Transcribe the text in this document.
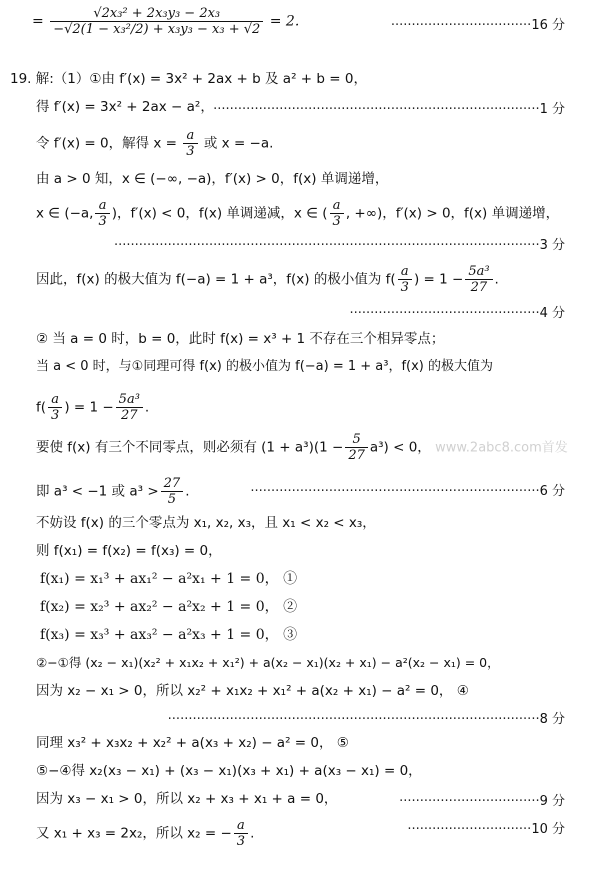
= $\frac{\text{√2x₃² + 2x₃y₃ − 2x₃}}{\text{−√2(1 − x₃²/2) + x₃y₃ − x₃ + √2}} = 2$.	··································16 分
19. 解:（1）①由 f′(x) = 3x² + 2ax + b 及 a² + b = 0，
得 f′(x) = 3x² + 2ax − a²， ···············································································1 分
令 f′(x) = 0，解得 $x = \frac{a}{3}$ 或 x = −a.
由 a > 0 知，x ∈ (−∞, −a)，f′(x) > 0，f(x) 单调递增，
x ∈ (−a, $\frac{a}{3}$ )，f′(x) < 0，f(x) 单调递减，x ∈ ( $\frac{a}{3}$ , +∞)，f′(x) > 0，f(x) 单调递增，
·······································································································3 分
因此，f(x) 的极大值为 f(−a) = 1 + a³，f(x) 的极小值为 $f( \frac{a}{3}$ ) = $1 - \frac{\text{5a³}}{27}$ .
··············································4 分
② 当 a = 0 时，b = 0，此时 f(x) = x³ + 1 不存在三个相异零点；
当 a < 0 时，与①同理可得 f(x) 的极小值为 f(−a) = 1 + a³，f(x) 的极大值为
$f( \frac{a}{3}$ ) = $1 - \frac{\text{5a³}}{27}$ .
要使 f(x) 有三个不同零点，则必须有 $(1 + a^3)(1 - \frac{5}{27} a^3) < 0$， www.2abc8.com首发
即 a³ < −1 或 $a^3 > \frac{27}{5}$ .	······································································6 分
不妨设 f(x) 的三个零点为 x₁, x₂, x₃，且 x₁ < x₂ < x₃，
则 f(x₁) = f(x₂) = f(x₃) = 0，
f(x₁) = x₁³ + ax₁² − a²x₁ + 1 = 0， ①
f(x₂) = x₂³ + ax₂² − a²x₂ + 1 = 0， ②
f(x₃) = x₃³ + ax₃² − a²x₃ + 1 = 0， ③
②−①得 (x₂ − x₁)(x₂² + x₁x₂ + x₁²) + a(x₂ − x₁)(x₂ + x₁) − a²(x₂ − x₁) = 0，
因为 x₂ − x₁ > 0，所以 x₂² + x₁x₂ + x₁² + a(x₂ + x₁) − a² = 0， ④
··························································································8 分
同理 x₃² + x₃x₂ + x₂² + a(x₃ + x₂) − a² = 0， ⑤
⑤−④得 x₂(x₃ − x₁) + (x₃ − x₁)(x₃ + x₁) + a(x₃ − x₁) = 0，
因为 x₃ − x₁ > 0，所以 x₂ + x₃ + x₁ + a = 0，	··································9 分
又 x₁ + x₃ = 2x₂，所以 x₂ = − $\frac{a}{3}$ .	······························10 分
